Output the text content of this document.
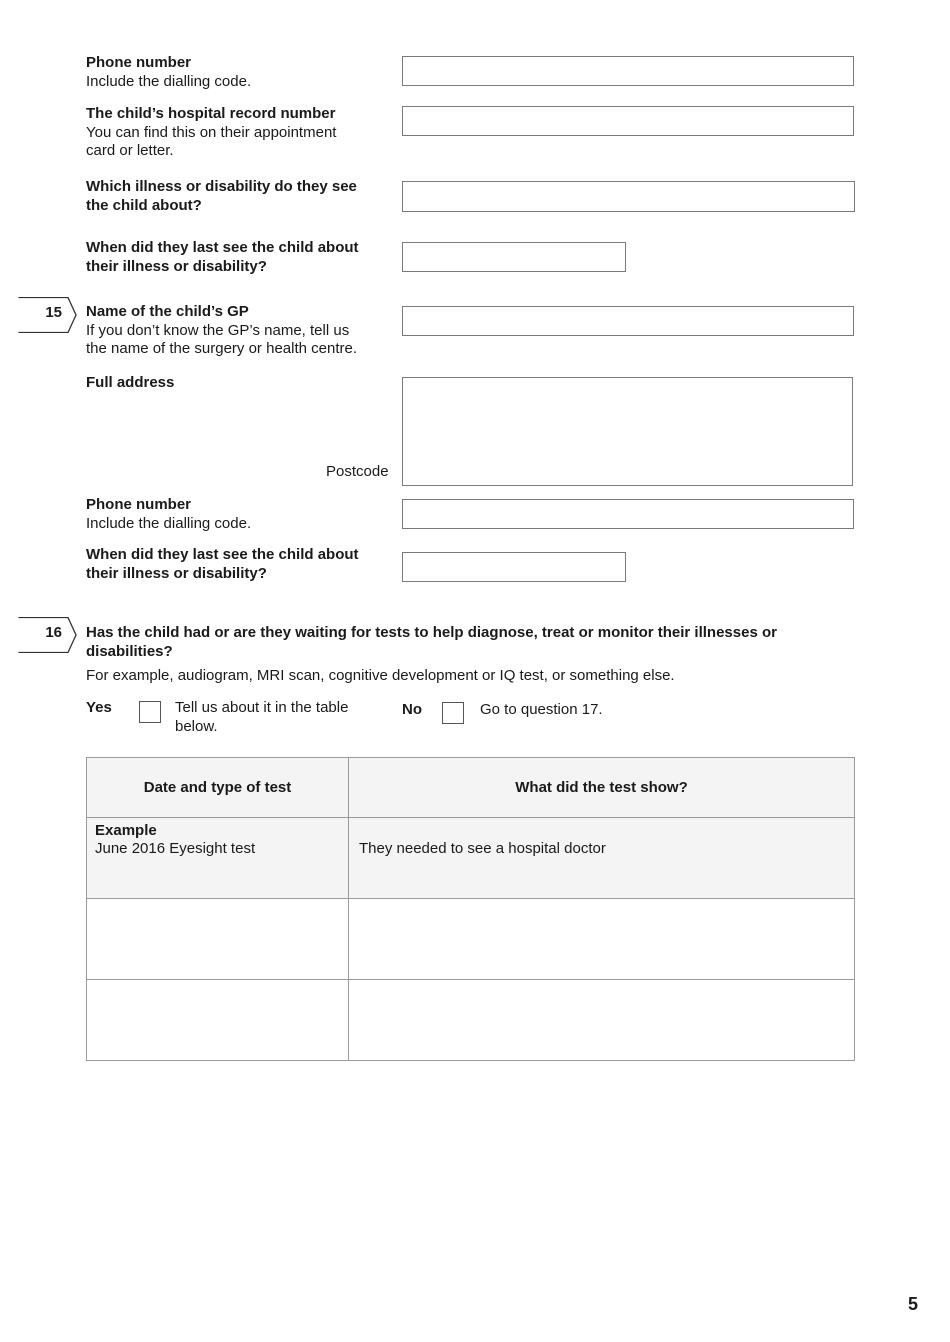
Phone number
Include the dialling code.
The child’s hospital record number
You can find this on their appointment
card or letter.
Which illness or disability do they see
the child about?
When did they last see the child about
their illness or disability?
15 Name of the child’s GP
If you don’t know the GP’s name, tell us
the name of the surgery or health centre.
Full address
Postcode
Phone number
Include the dialling code.
When did they last see the child about
their illness or disability?
16 Has the child had or are they waiting for tests to help diagnose, treat or monitor their illnesses or
disabilities?
For example, audiogram, MRI scan, cognitive development or IQ test, or something else.
Yes	Tell us about it in the table
below.
No	Go to question 17.
Date and type of test	What did the test show?

Example
June 2016 Eyesight test	They needed to see a hospital doctor

5
